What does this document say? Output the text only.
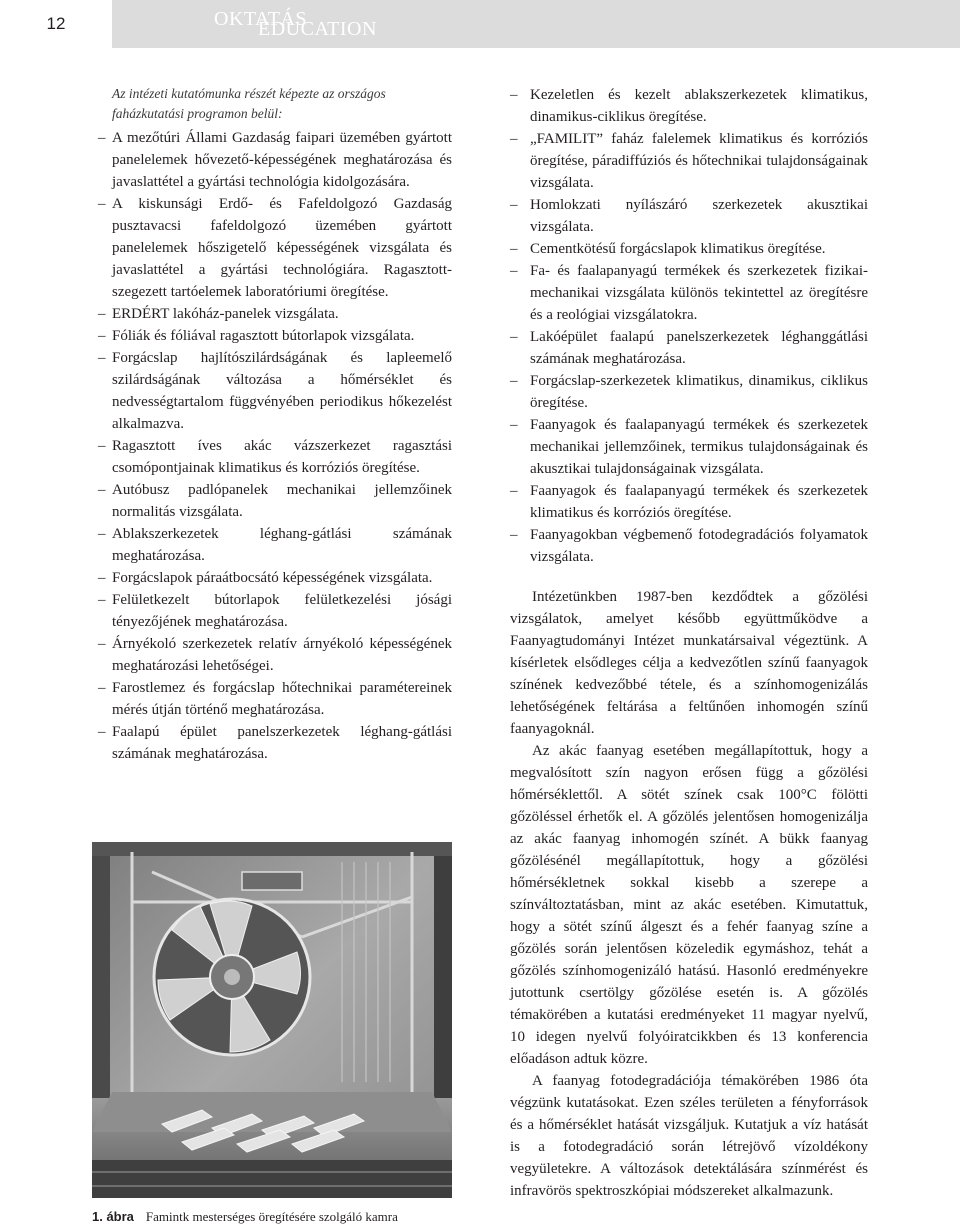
12	OKTATÁS
EDUCATION

Az intézeti kutatómunka részét képezte az országos faházkutatási programon belül:

– A mezőtúri Állami Gazdaság faipari üzemében gyártott panelelemek hővezető-képességének meghatározása és javaslattétel a gyártási technológia kidolgozására.
– A kiskunsági Erdő- és Fafeldolgozó Gazdaság pusztavacsi fafeldolgozó üzemében gyártott panelelemek hőszigetelő képességének vizsgálata és javaslattétel a gyártási technológiára. Ragasztott-szegezett tartóelemek laboratóriumi öregítése.
– ERDÉRT lakóház-panelek vizsgálata.
– Fóliák és fóliával ragasztott bútorlapok vizsgálata.
– Forgácslap hajlítószilárdságának és lapleemelő szilárdságának változása a hőmérséklet és nedvességtartalom függvényében periodikus hőkezelést alkalmazva.
– Ragasztott íves akác vázszerkezet ragasztási csomópontjainak klimatikus és korróziós öregítése.
– Autóbusz padlópanelek mechanikai jellemzőinek normalitás vizsgálata.
– Ablakszerkezetek léghang-gátlási számának meghatározása.
– Forgácslapok páraátbocsátó képességének vizsgálata.
– Felületkezelt bútorlapok felületkezelési jósági tényezőjének meghatározása.
– Árnyékoló szerkezetek relatív árnyékoló képességének meghatározási lehetőségei.
– Farostlemez és forgácslap hőtechnikai paramétereinek mérés útján történő meghatározása.
– Faalapú épület panelszerkezetek léghang-gátlási számának meghatározása.
1. ábra Famintk mesterséges öregítésére szolgáló kamra
– Kezeletlen és kezelt ablakszerkezetek klimatikus, dinamikus-ciklikus öregítése.
– „FAMILIT” faház falelemek klimatikus és korróziós öregítése, páradiffúziós és hőtechnikai tulajdonságainak vizsgálata.
– Homlokzati nyílászáró szerkezetek akusztikai vizsgálata.
– Cementkötésű forgácslapok klimatikus öregítése.
– Fa- és faalapanyagú termékek és szerkezetek fizikai-mechanikai vizsgálata különös tekintettel az öregítésre és a reológiai vizsgálatokra.
– Lakóépület faalapú panelszerkezetek léghanggátlási számának meghatározása.
– Forgácslap-szerkezetek klimatikus, dinamikus, ciklikus öregítése.
– Faanyagok és faalapanyagú termékek és szerkezetek mechanikai jellemzőinek, termikus tulajdonságainak és akusztikai tulajdonságainak vizsgálata.
– Faanyagok és faalapanyagú termékek és szerkezetek klimatikus és korróziós öregítése.
– Faanyagokban végbemenő fotodegradációs folyamatok vizsgálata.

Intézetünkben 1987-ben kezdődtek a gőzölési vizsgálatok, amelyet később együttműködve a Faanyagtudományi Intézet munkatársaival végeztünk. A kísérletek elsődleges célja a kedvezőtlen színű faanyagok színének kedvezőbbé tétele, és a színhomogenizálás lehetőségének feltárása a feltűnően inhomogén színű faanyagoknál.

Az akác faanyag esetében megállapítottuk, hogy a megvalósított szín nagyon erősen függ a gőzölési hőmérséklettől. A sötét színek csak 100°C fölötti gőzöléssel érhetők el. A gőzölés jelentősen homogenizálja az akác faanyag inhomogén színét. A bükk faanyag gőzölésénél megállapítottuk, hogy a gőzölési hőmérsékletnek sokkal kisebb a szerepe a színváltoztatásban, mint az akác esetében. Kimutattuk, hogy a sötét színű álgeszt és a fehér faanyag színe a gőzölés során jelentősen közeledik egymáshoz, tehát a gőzölés színhomogenizáló hatású. Hasonló eredményekre jutottunk csertölgy gőzölése esetén is. A gőzölés témakörében a kutatási eredményeket 11 magyar nyelvű, 10 idegen nyelvű folyóiratcikkben és 13 konferencia előadáson adtuk közre.

A faanyag fotodegradációja témakörében 1986 óta végzünk kutatásokat. Ezen széles területen a fényforrások és a hőmérséklet hatását vizsgáljuk. Kutatjuk a víz hatását is a fotodegradáció során létrejövő vízoldékony vegyületekre. A változások detektálására színmérést és infravörös spektroszkópiai módszereket alkalmazunk.
